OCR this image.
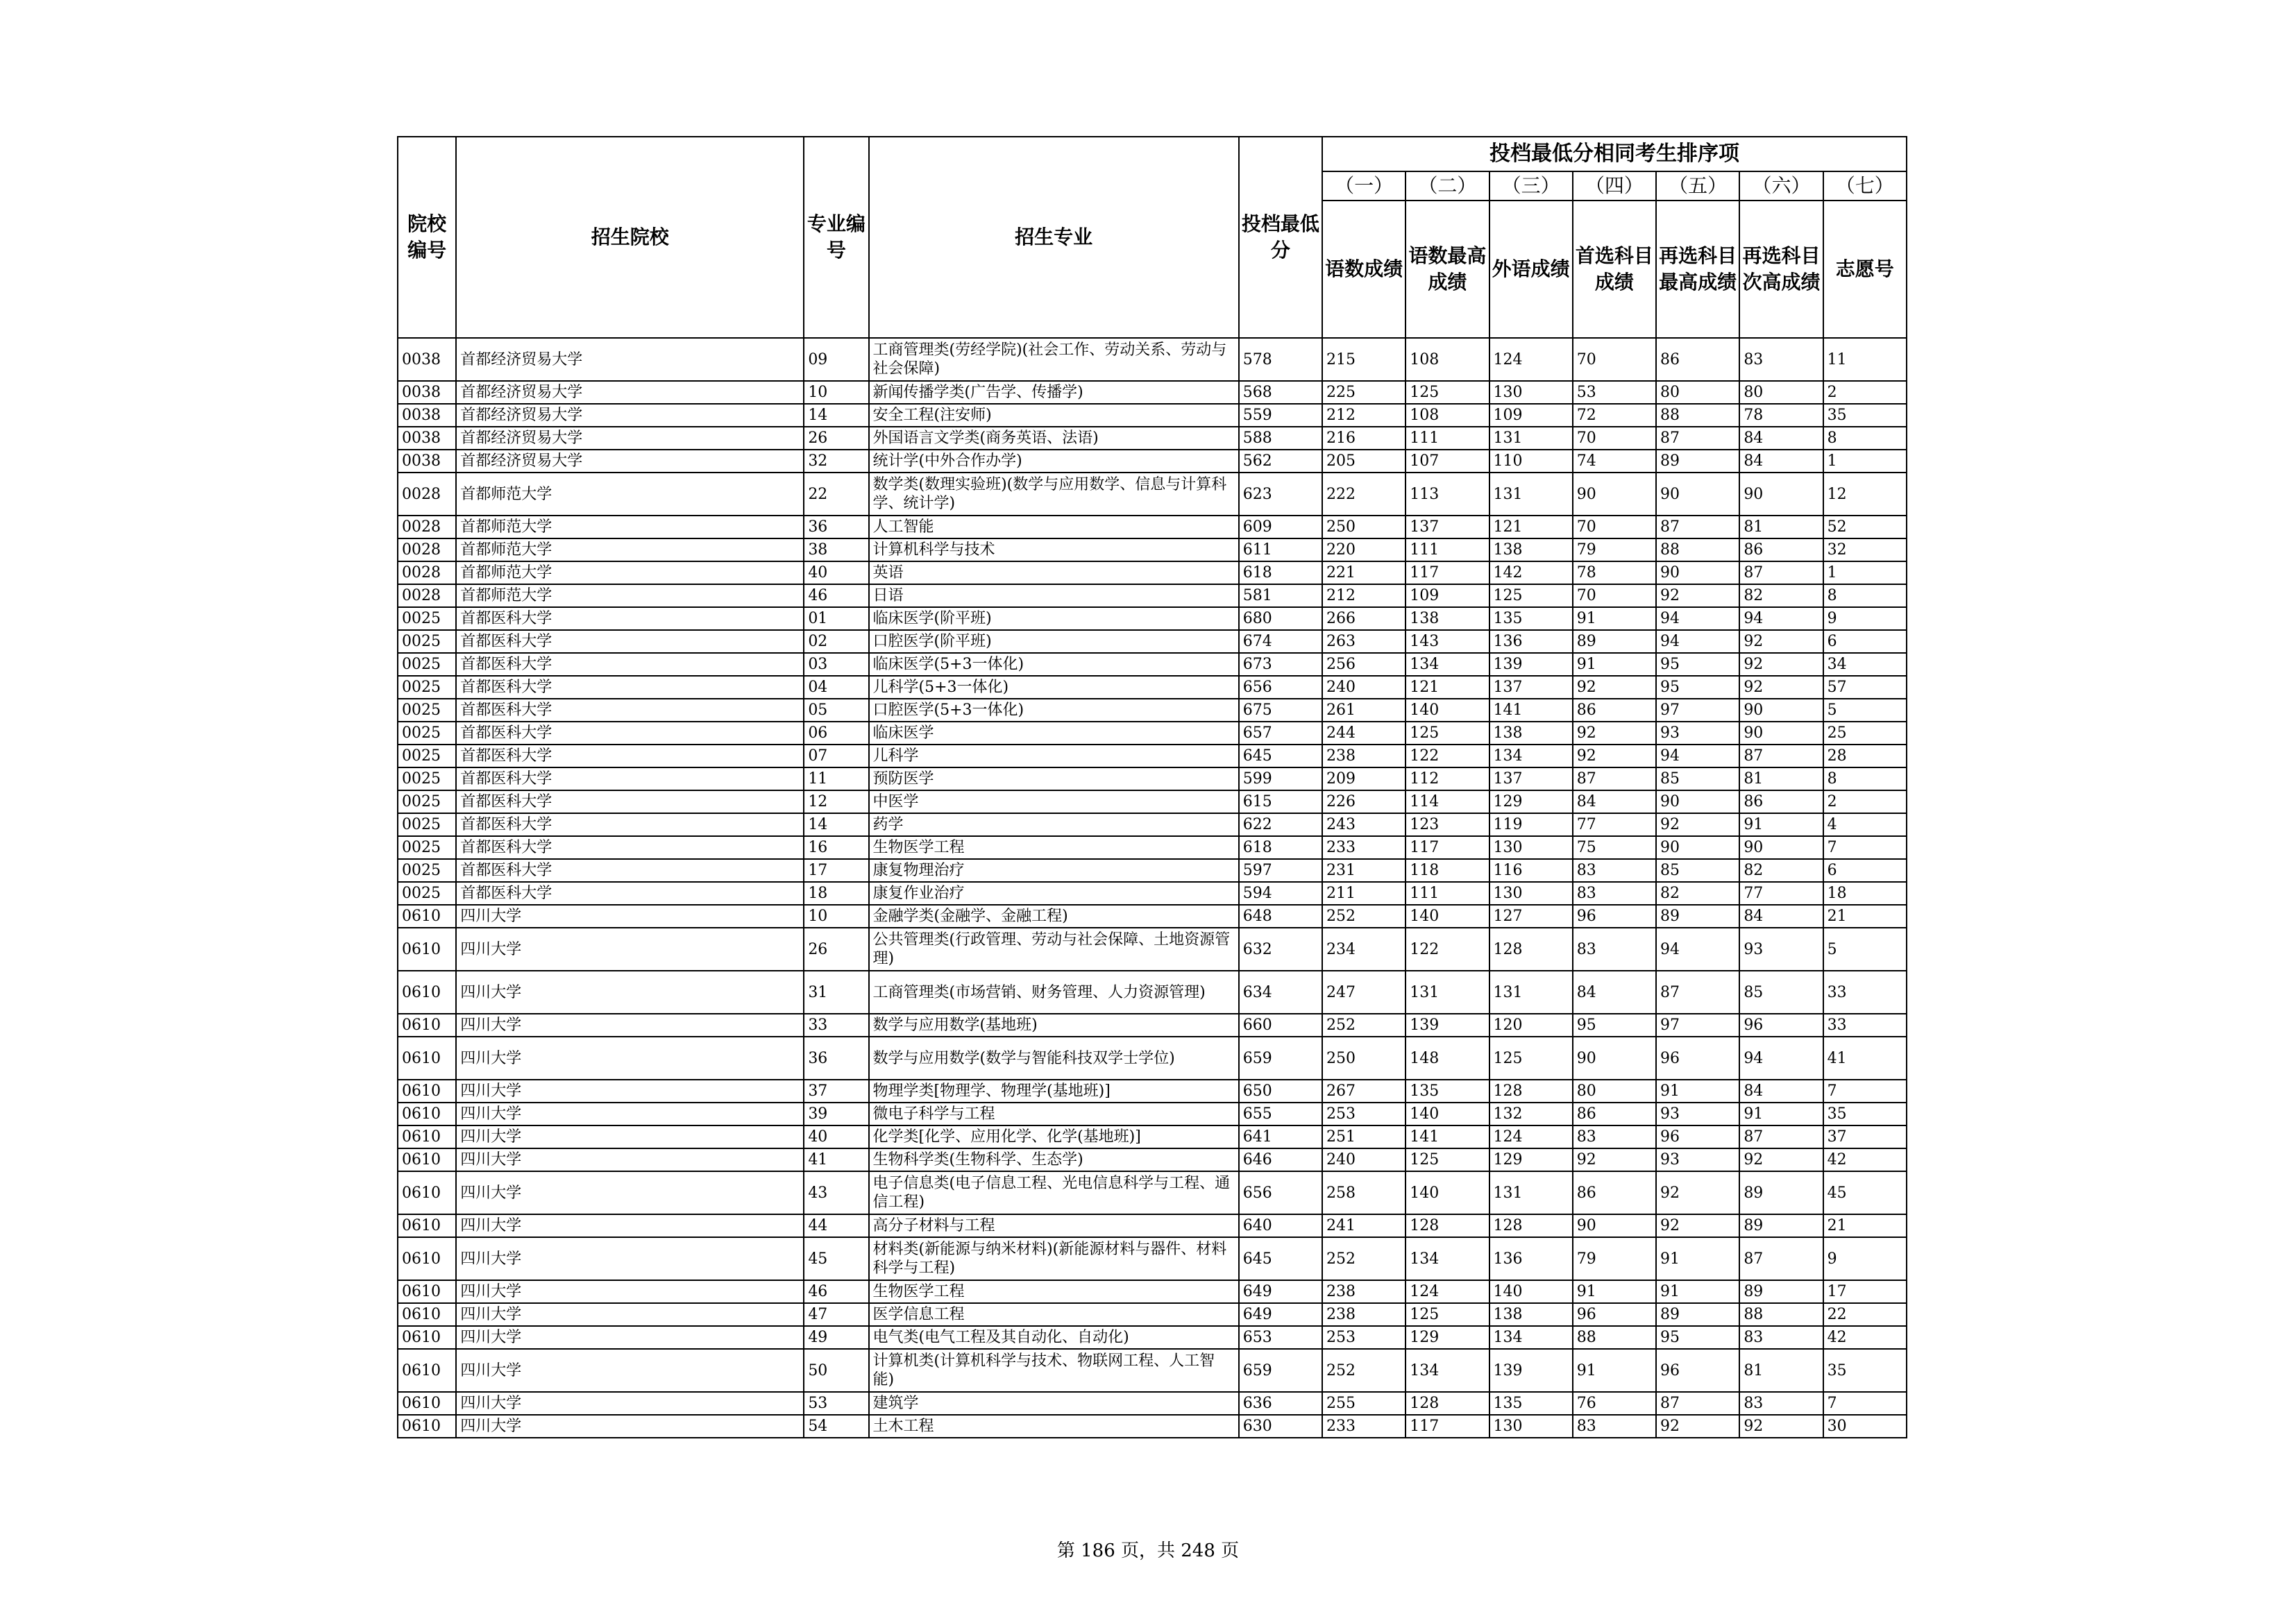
院校编号	招生院校	专业编号	招生专业	投档最低分	投档最低分相同考生排序项						
					（一）	（二）	（三）	（四）	（五）	（六）	（七）
					语数成绩	语数最高成绩	外语成绩	首选科目成绩	再选科目最高成绩	再选科目次高成绩	志愿号
0038	首都经济贸易大学	09	工商管理类(劳经学院)(社会工作、劳动关系、劳动与社会保障)	578	215	108	124	70	86	83	11
0038	首都经济贸易大学	10	新闻传播学类(广告学、传播学)	568	225	125	130	53	80	80	2
0038	首都经济贸易大学	14	安全工程(注安师)	559	212	108	109	72	88	78	35
0038	首都经济贸易大学	26	外国语言文学类(商务英语、法语)	588	216	111	131	70	87	84	8
0038	首都经济贸易大学	32	统计学(中外合作办学)	562	205	107	110	74	89	84	1
0028	首都师范大学	22	数学类(数理实验班)(数学与应用数学、信息与计算科学、统计学)	623	222	113	131	90	90	90	12
0028	首都师范大学	36	人工智能	609	250	137	121	70	87	81	52
0028	首都师范大学	38	计算机科学与技术	611	220	111	138	79	88	86	32
0028	首都师范大学	40	英语	618	221	117	142	78	90	87	1
0028	首都师范大学	46	日语	581	212	109	125	70	92	82	8
0025	首都医科大学	01	临床医学(阶平班)	680	266	138	135	91	94	94	9
0025	首都医科大学	02	口腔医学(阶平班)	674	263	143	136	89	94	92	6
0025	首都医科大学	03	临床医学(5+3一体化)	673	256	134	139	91	95	92	34
0025	首都医科大学	04	儿科学(5+3一体化)	656	240	121	137	92	95	92	57
0025	首都医科大学	05	口腔医学(5+3一体化)	675	261	140	141	86	97	90	5
0025	首都医科大学	06	临床医学	657	244	125	138	92	93	90	25
0025	首都医科大学	07	儿科学	645	238	122	134	92	94	87	28
0025	首都医科大学	11	预防医学	599	209	112	137	87	85	81	8
0025	首都医科大学	12	中医学	615	226	114	129	84	90	86	2
0025	首都医科大学	14	药学	622	243	123	119	77	92	91	4
0025	首都医科大学	16	生物医学工程	618	233	117	130	75	90	90	7
0025	首都医科大学	17	康复物理治疗	597	231	118	116	83	85	82	6
0025	首都医科大学	18	康复作业治疗	594	211	111	130	83	82	77	18
0610	四川大学	10	金融学类(金融学、金融工程)	648	252	140	127	96	89	84	21
0610	四川大学	26	公共管理类(行政管理、劳动与社会保障、土地资源管理)	632	234	122	128	83	94	93	5
0610	四川大学	31	工商管理类(市场营销、财务管理、人力资源管理)	634	247	131	131	84	87	85	33
0610	四川大学	33	数学与应用数学(基地班)	660	252	139	120	95	97	96	33
0610	四川大学	36	数学与应用数学(数学与智能科技双学士学位)	659	250	148	125	90	96	94	41
0610	四川大学	37	物理学类[物理学、物理学(基地班)]	650	267	135	128	80	91	84	7
0610	四川大学	39	微电子科学与工程	655	253	140	132	86	93	91	35
0610	四川大学	40	化学类[化学、应用化学、化学(基地班)]	641	251	141	124	83	96	87	37
0610	四川大学	41	生物科学类(生物科学、生态学)	646	240	125	129	92	93	92	42
0610	四川大学	43	电子信息类(电子信息工程、光电信息科学与工程、通信工程)	656	258	140	131	86	92	89	45
0610	四川大学	44	高分子材料与工程	640	241	128	128	90	92	89	21
0610	四川大学	45	材料类(新能源与纳米材料)(新能源材料与器件、材料科学与工程)	645	252	134	136	79	91	87	9
0610	四川大学	46	生物医学工程	649	238	124	140	91	91	89	17
0610	四川大学	47	医学信息工程	649	238	125	138	96	89	88	22
0610	四川大学	49	电气类(电气工程及其自动化、自动化)	653	253	129	134	88	95	83	42
0610	四川大学	50	计算机类(计算机科学与技术、物联网工程、人工智能)	659	252	134	139	91	96	81	35
0610	四川大学	53	建筑学	636	255	128	135	76	87	83	7
0610	四川大学	54	土木工程	630	233	117	130	83	92	92	30
第 186 页，共 248 页
